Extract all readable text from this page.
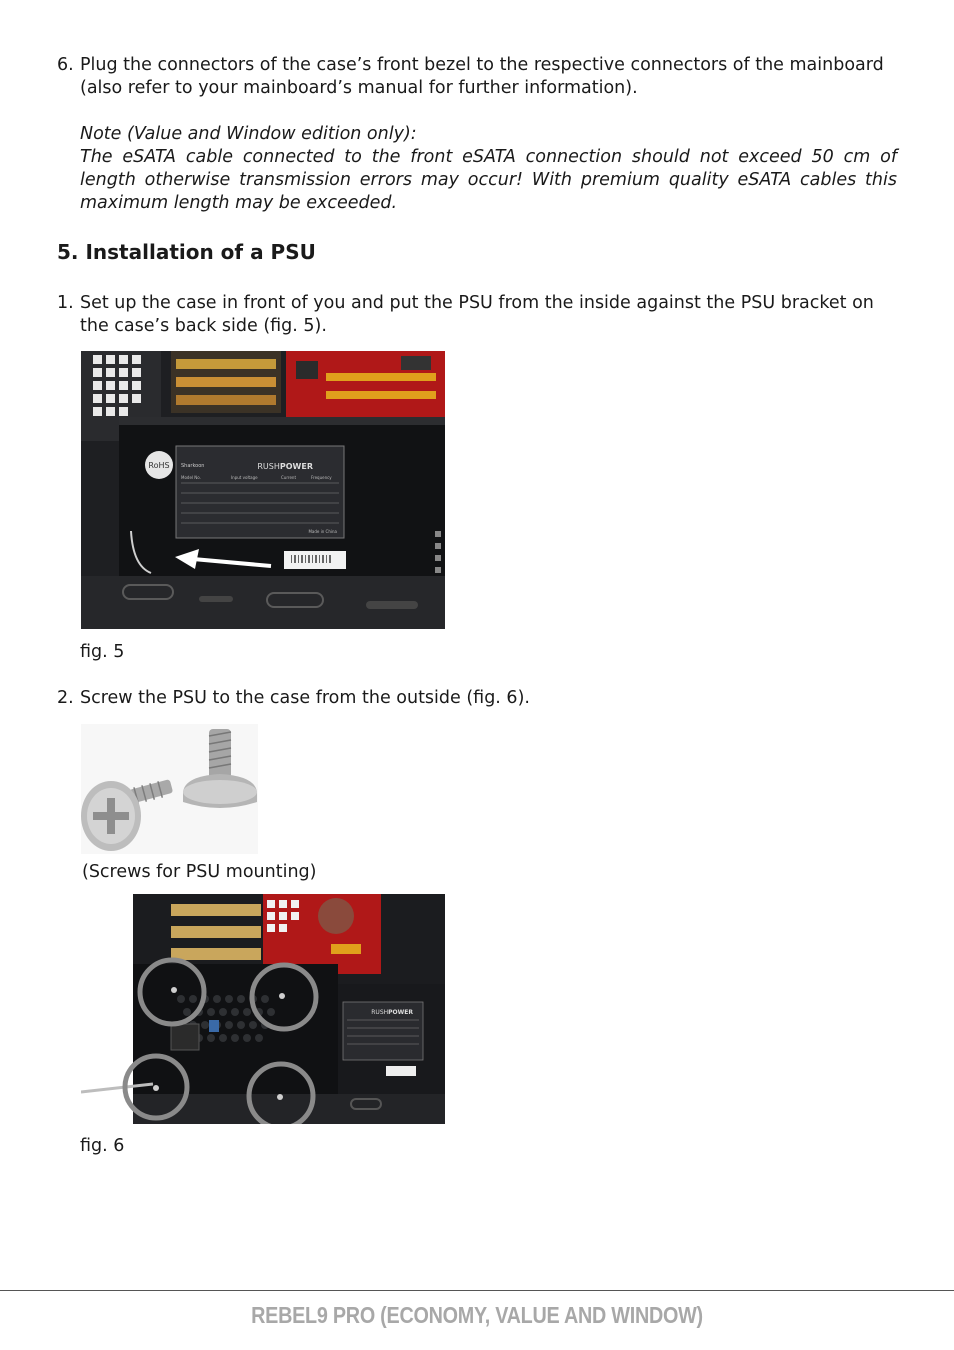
6. Plug the connectors of the case’s front bezel to the respective connectors of the mainboard
(also refer to your mainboard’s manual for further information).
Note (Value and Window edition only):
The eSATA cable connected to the front eSATA connection should not exceed 50 cm of
length otherwise transmission errors may occur! With premium quality eSATA cables this
maximum length may be exceeded.
5. Installation of a PSU
1. Set up the case in front of you and put the PSU from the inside against the PSU bracket on
the case’s back side (fig. 5).
RoHS Sharkoon	RUSHPOWER
Model No.	Input voltage	Current	Frequency
Made in China
fig. 5
2. Screw the PSU to the case from the outside (fig. 6).
(Screws for PSU mounting)
RUSHPOWER
fig. 6
REBEL9 PRO (ECONOMY, VALUE AND WINDOW)
